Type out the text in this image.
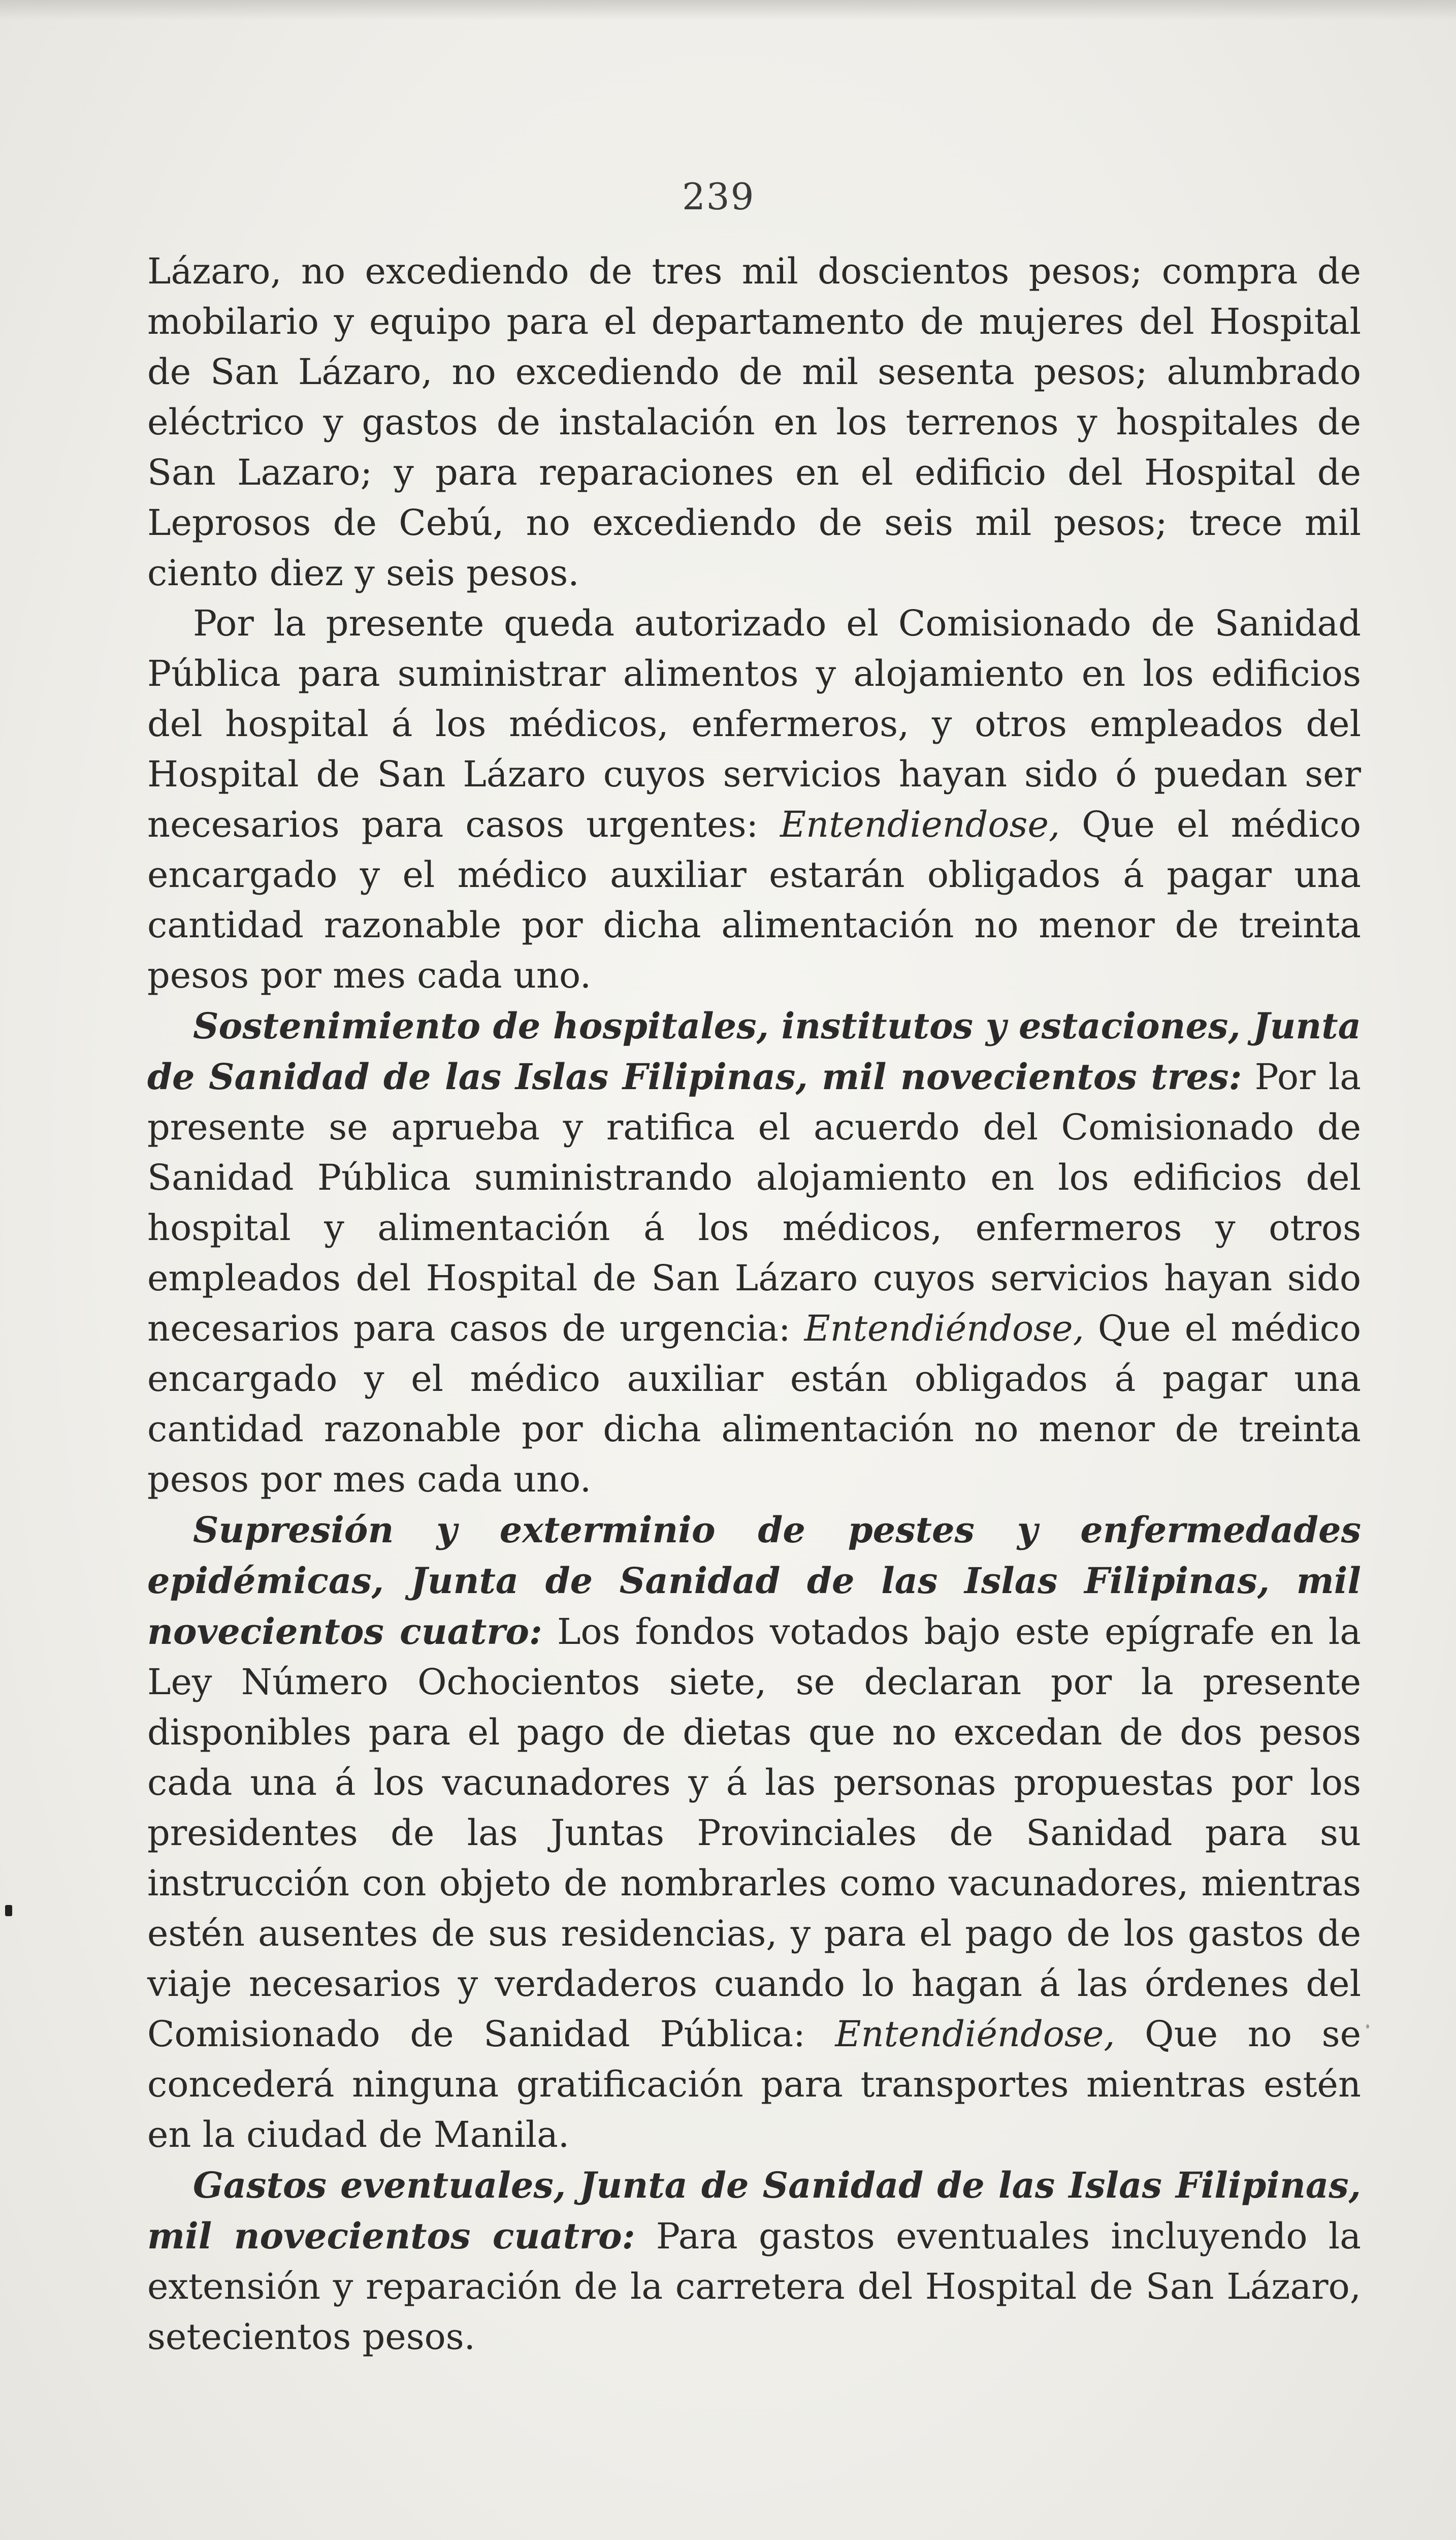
239

Lázaro, no excediendo de tres mil doscientos pesos; compra de mobilario y equipo para el departamento de mujeres del Hospital de San Lázaro, no excediendo de mil sesenta pesos; alumbrado eléctrico y gastos de instalación en los terrenos y hospitales de San Lazaro; y para reparaciones en el edificio del Hospital de Leprosos de Cebú, no excediendo de seis mil pesos; trece mil ciento diez y seis pesos.

Por la presente queda autorizado el Comisionado de Sanidad Pública para suministrar alimentos y alojamiento en los edificios del hospital á los médicos, enfermeros, y otros empleados del Hospital de San Lázaro cuyos servicios hayan sido ó puedan ser necesarios para casos urgentes: Entendiendose, Que el médico encargado y el médico auxiliar estarán obligados á pagar una cantidad razonable por dicha alimentación no menor de treinta pesos por mes cada uno.

Sostenimiento de hospitales, institutos y estaciones, Junta de Sanidad de las Islas Filipinas, mil novecientos tres: Por la presente se aprueba y ratifica el acuerdo del Comisionado de Sanidad Pública suministrando alojamiento en los edificios del hospital y alimentación á los médicos, enfermeros y otros empleados del Hospital de San Lázaro cuyos servicios hayan sido necesarios para casos de urgencia: Entendiéndose, Que el médico encargado y el médico auxiliar están obligados á pagar una cantidad razonable por dicha alimentación no menor de treinta pesos por mes cada uno.

Supresión y exterminio de pestes y enfermedades epidémicas, Junta de Sanidad de las Islas Filipinas, mil novecientos cuatro: Los fondos votados bajo este epígrafe en la Ley Número Ochocientos siete, se declaran por la presente disponibles para el pago de dietas que no excedan de dos pesos cada una á los vacunadores y á las personas propuestas por los presidentes de las Juntas Provinciales de Sanidad para su instrucción con objeto de nombrarles como vacunadores, mientras estén ausentes de sus residencias, y para el pago de los gastos de viaje necesarios y verdaderos cuando lo hagan á las órdenes del Comisionado de Sanidad Pública: Entendiéndose, Que no se concederá ninguna gratificación para transportes mientras estén en la ciudad de Manila.

Gastos eventuales, Junta de Sanidad de las Islas Filipinas, mil novecientos cuatro: Para gastos eventuales incluyendo la extensión y reparación de la carretera del Hospital de San Lázaro, setecientos pesos.
